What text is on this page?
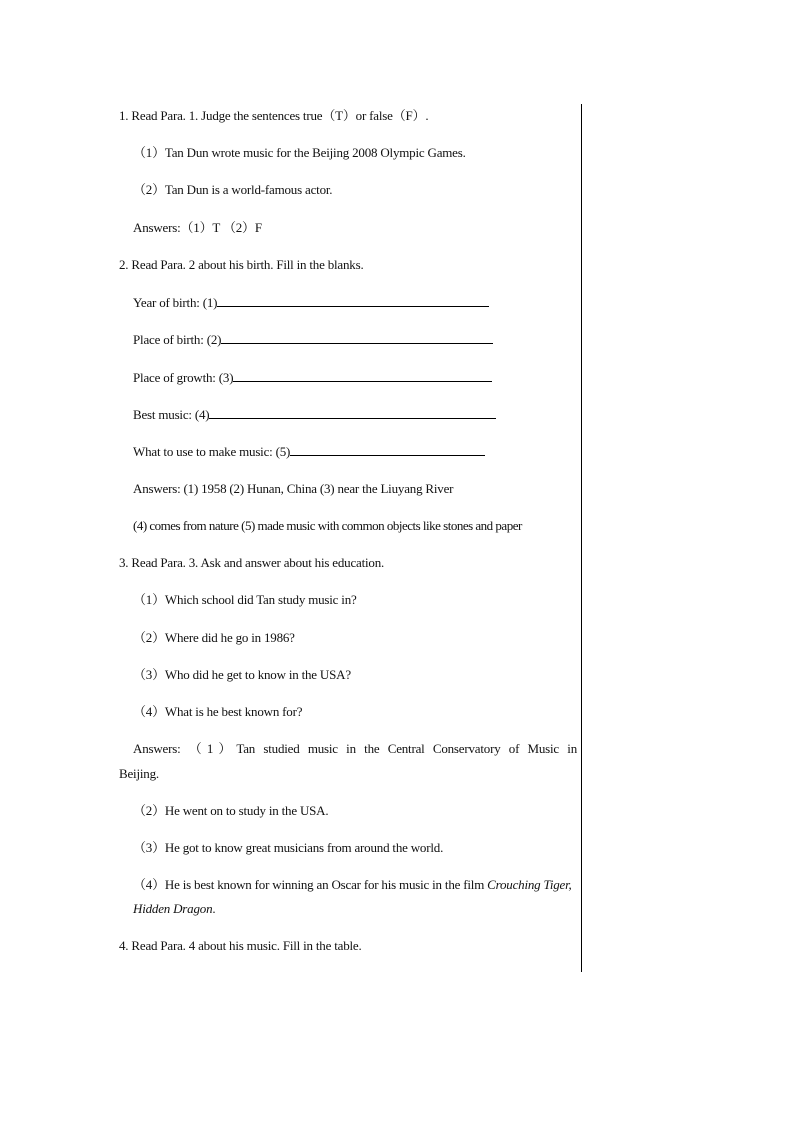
1. Read Para. 1. Judge the sentences true（T）or false（F）.
（1）Tan Dun wrote music for the Beijing 2008 Olympic Games.
（2）Tan Dun is a world-famous actor.
Answers:（1）T （2）F
2. Read Para. 2 about his birth. Fill in the blanks.
Year of birth: (1)
Place of birth: (2)
Place of growth: (3)
Best music: (4)
What to use to make music: (5)
Answers: (1) 1958 (2) Hunan, China (3) near the Liuyang River
(4) comes from nature (5) made music with common objects like stones and paper
3. Read Para. 3. Ask and answer about his education.
（1）Which school did Tan study music in?
（2）Where did he go in 1986?
（3）Who did he get to know in the USA?
（4）What is he best known for?
Answers: （1）Tan studied music in the Central Conservatory of Music in
Beijing.
（2）He went on to study in the USA.
（3）He got to know great musicians from around the world.
（4）He is best known for winning an Oscar for his music in the film Crouching Tiger, Hidden Dragon.
4. Read Para. 4 about his music. Fill in the table.
